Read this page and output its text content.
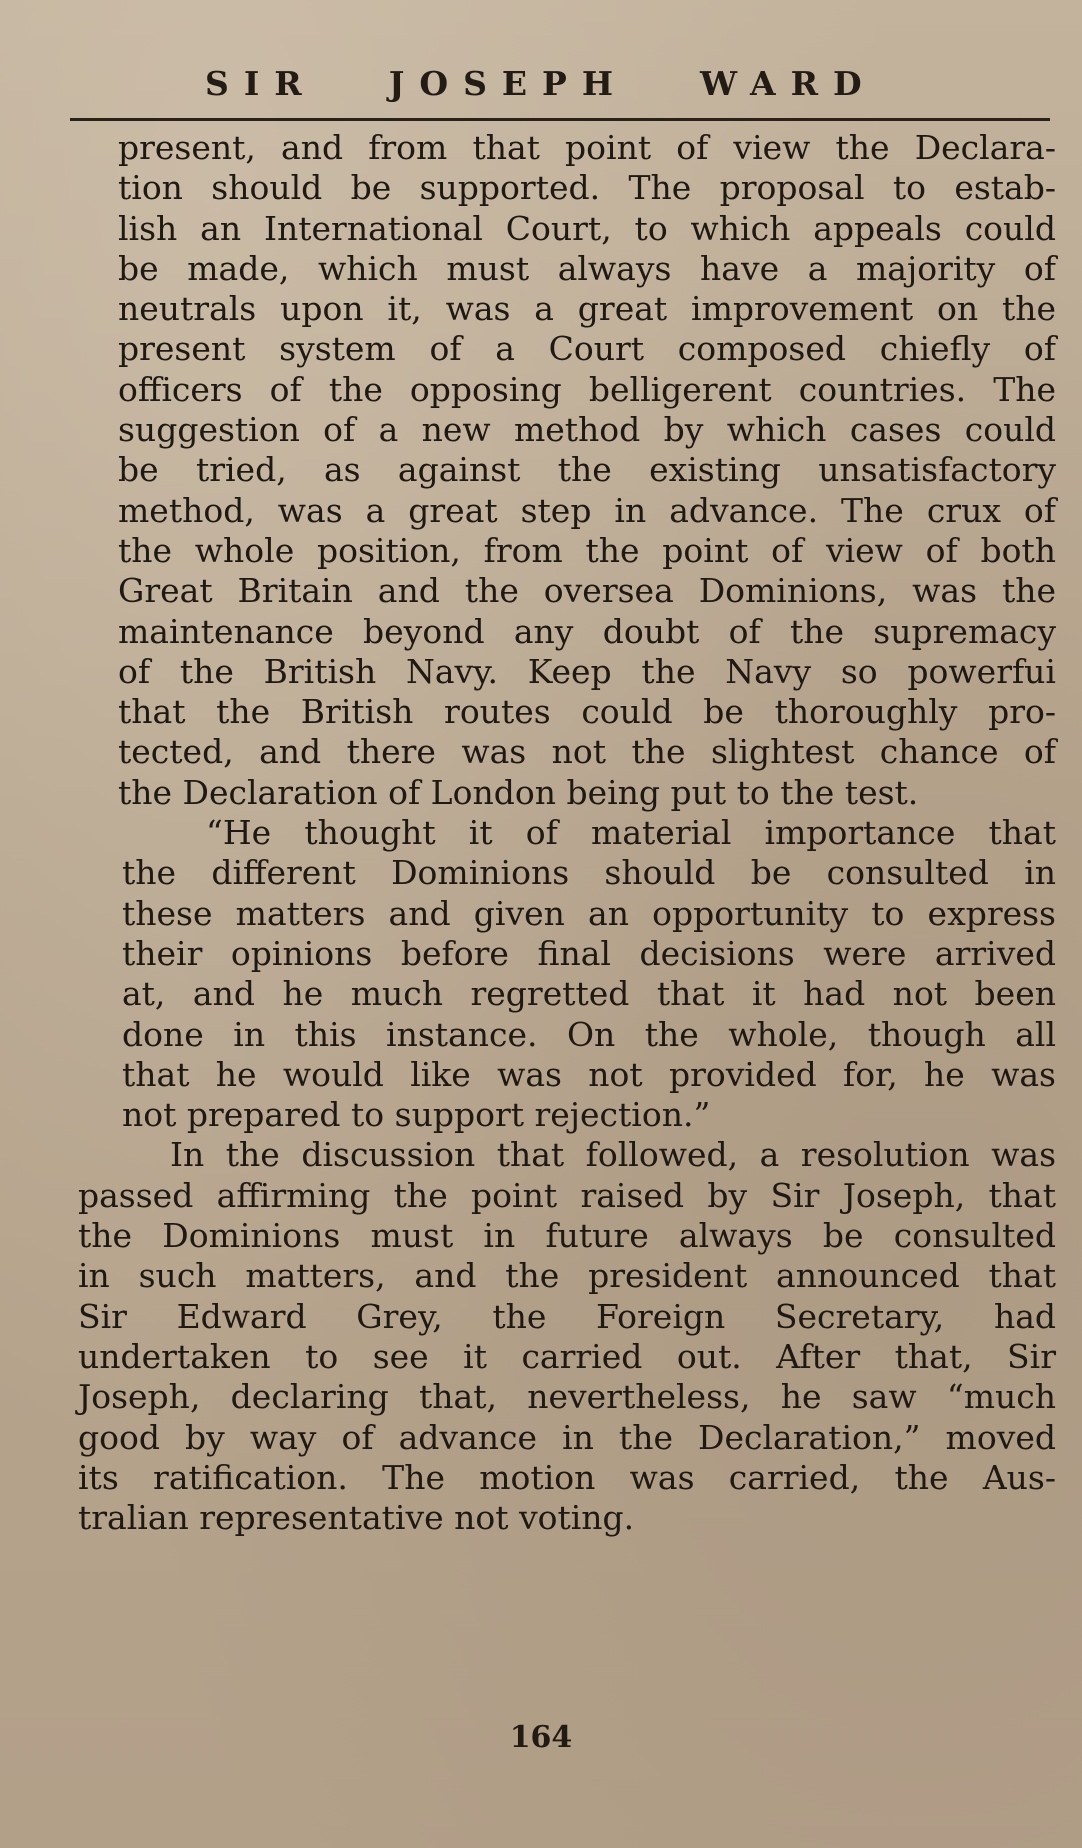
SIR JOSEPH WARD
present, and from that point of view the Declara-
tion should be supported. The proposal to estab-
lish an International Court, to which appeals could
be made, which must always have a majority of
neutrals upon it, was a great improvement on the
present system of a Court composed chiefly of
officers of the opposing belligerent countries. The
suggestion of a new method by which cases could
be tried, as against the existing unsatisfactory
method, was a great step in advance. The crux of
the whole position, from the point of view of both
Great Britain and the oversea Dominions, was the
maintenance beyond any doubt of the supremacy
of the British Navy. Keep the Navy so powerfui
that the British routes could be thoroughly pro-
tected, and there was not the slightest chance of
the Declaration of London being put to the test.
“He thought it of material importance that
the different Dominions should be consulted in
these matters and given an opportunity to express
their opinions before final decisions were arrived
at, and he much regretted that it had not been
done in this instance. On the whole, though all
that he would like was not provided for, he was
not prepared to support rejection.”
In the discussion that followed, a resolution was
passed affirming the point raised by Sir Joseph, that
the Dominions must in future always be consulted
in such matters, and the president announced that
Sir Edward Grey, the Foreign Secretary, had
undertaken to see it carried out. After that, Sir
Joseph, declaring that, nevertheless, he saw “much
good by way of advance in the Declaration,” moved
its ratification. The motion was carried, the Aus-
tralian representative not voting.
164
